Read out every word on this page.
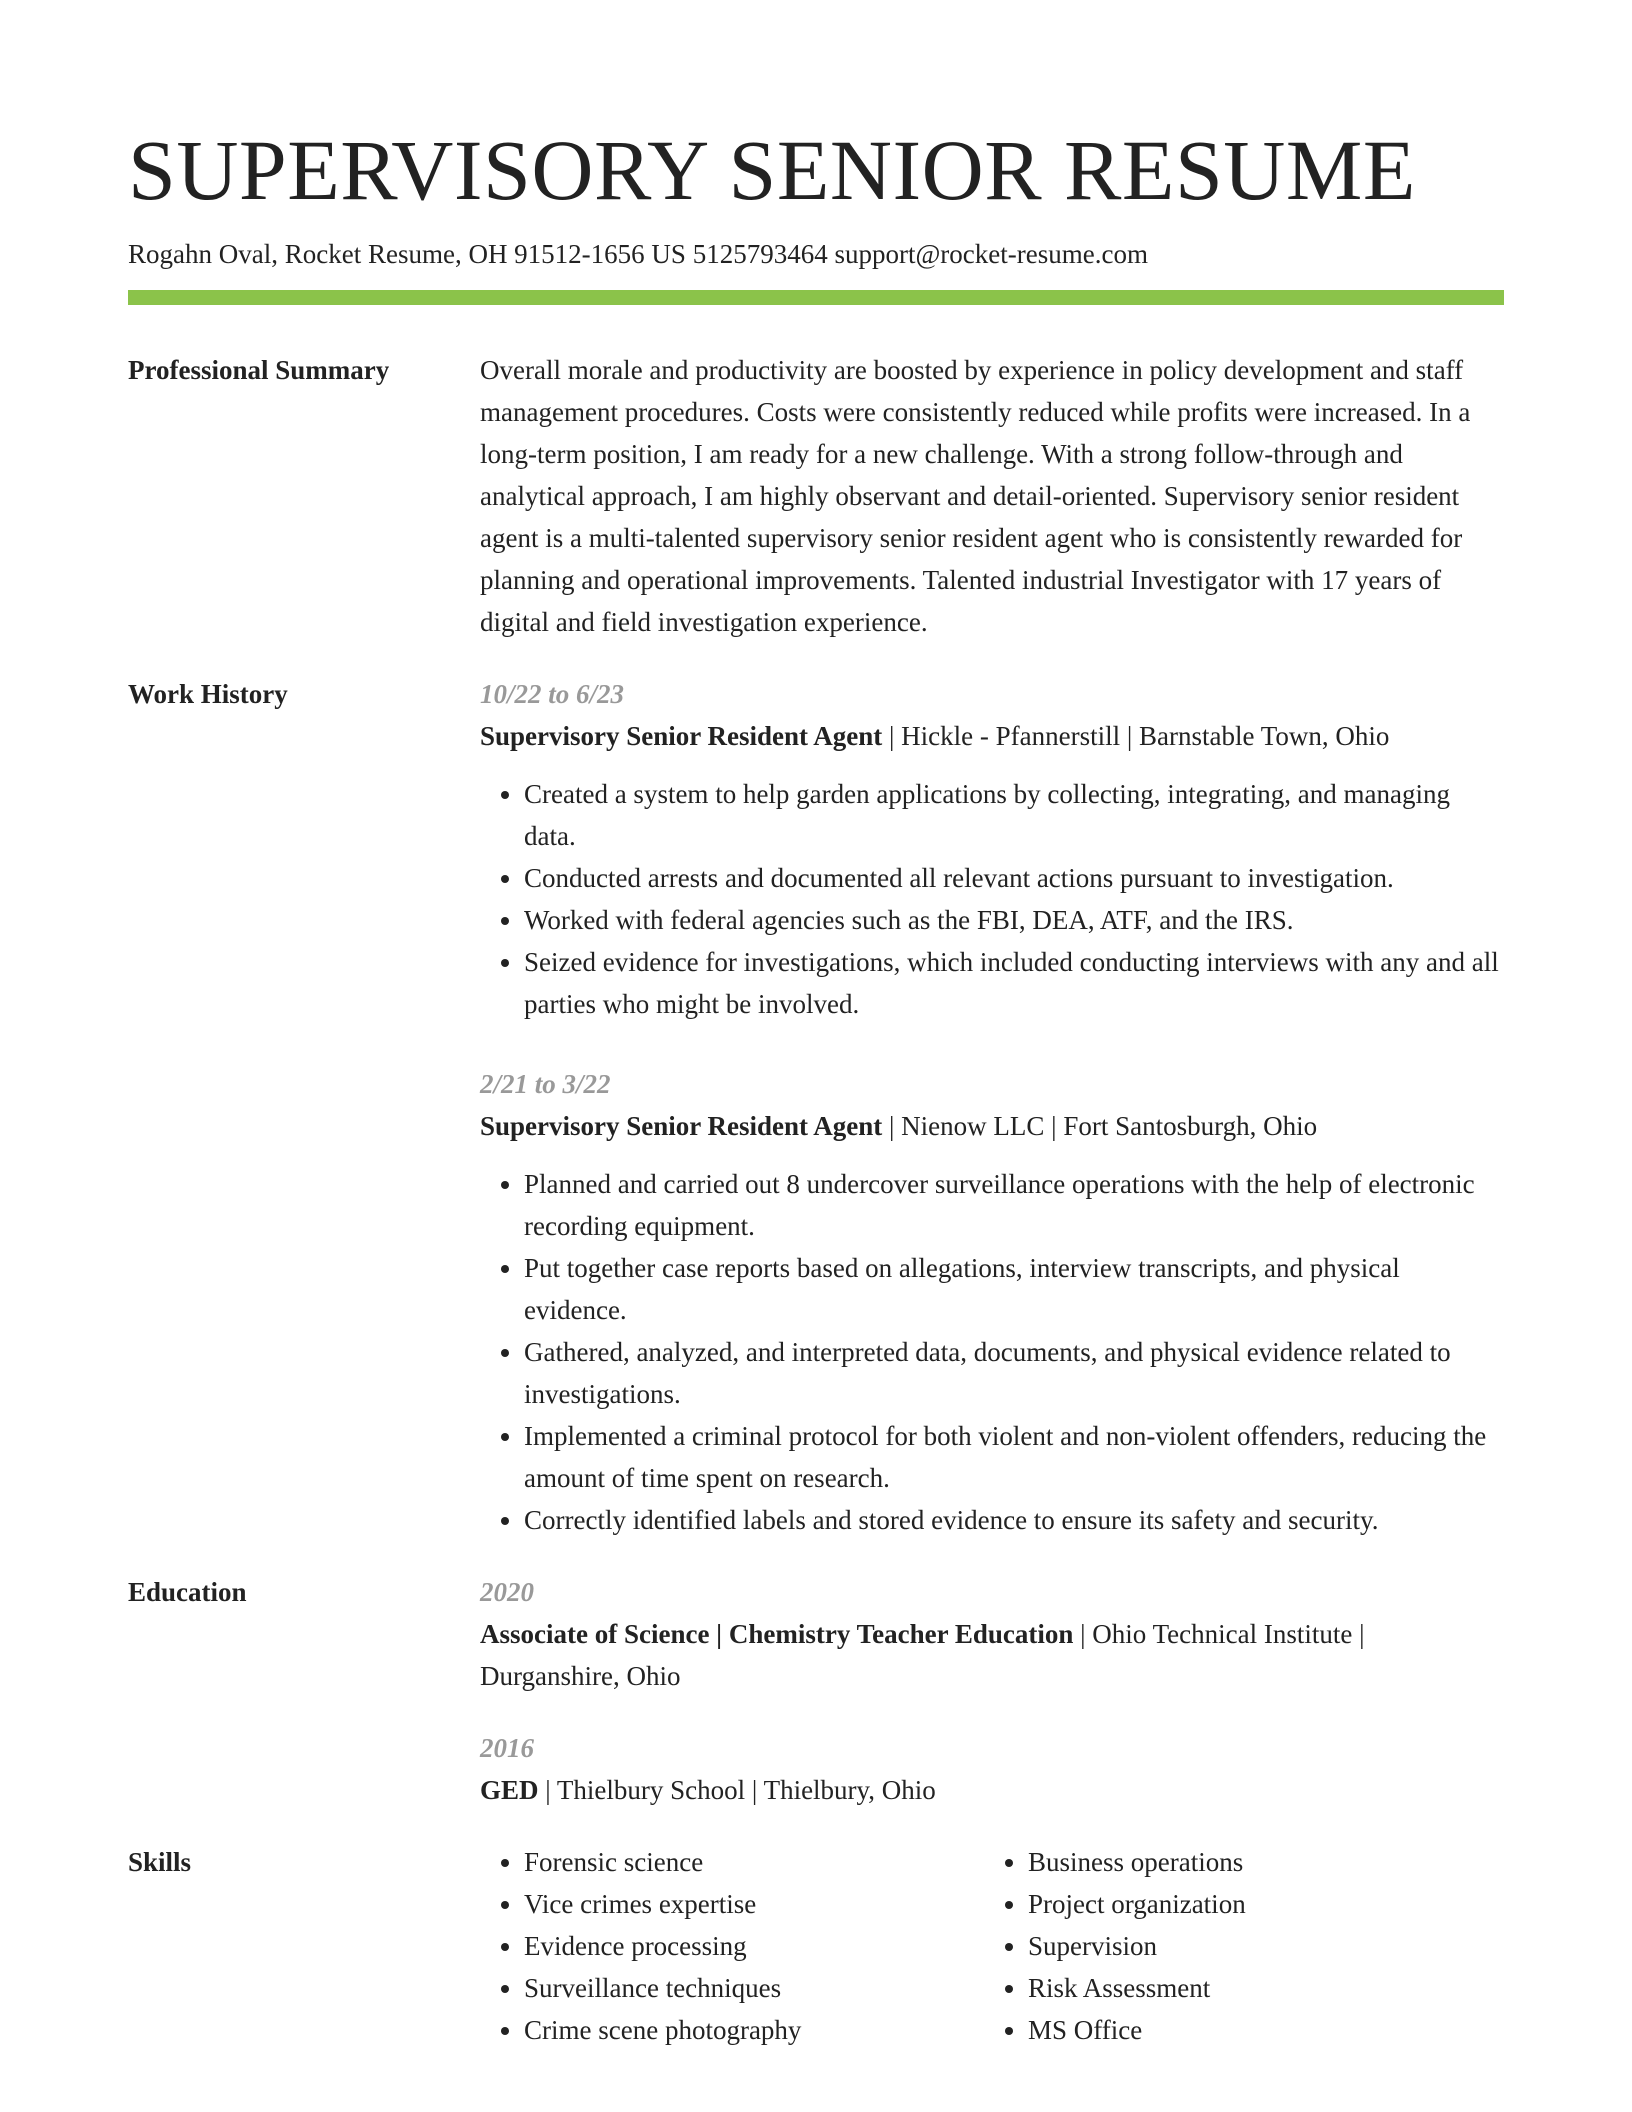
SUPERVISORY SENIOR RESUME
Rogahn Oval, Rocket Resume, OH 91512-1656 US 5125793464 support@rocket-resume.com
Professional Summary	Overall morale and productivity are boosted by experience in policy development and staff management procedures. Costs were consistently reduced while profits were increased. In a long-term position, I am ready for a new challenge. With a strong follow-through and analytical approach, I am highly observant and detail-oriented. Supervisory senior resident agent is a multi-talented supervisory senior resident agent who is consistently rewarded for planning and operational improvements. Talented industrial Investigator with 17 years of digital and field investigation experience.

Work History	10/22 to 6/23
Supervisory Senior Resident Agent | Hickle - Pfannerstill | Barnstable Town, Ohio
• Created a system to help garden applications by collecting, integrating, and managing data.
• Conducted arrests and documented all relevant actions pursuant to investigation.
• Worked with federal agencies such as the FBI, DEA, ATF, and the IRS.
• Seized evidence for investigations, which included conducting interviews with any and all parties who might be involved.
2/21 to 3/22
Supervisory Senior Resident Agent | Nienow LLC | Fort Santosburgh, Ohio
• Planned and carried out 8 undercover surveillance operations with the help of electronic recording equipment.
• Put together case reports based on allegations, interview transcripts, and physical evidence.
• Gathered, analyzed, and interpreted data, documents, and physical evidence related to investigations.
• Implemented a criminal protocol for both violent and non-violent offenders, reducing the amount of time spent on research.
• Correctly identified labels and stored evidence to ensure its safety and security.
Education	2020
Associate of Science | Chemistry Teacher Education | Ohio Technical Institute | Durganshire, Ohio
2016
GED | Thielbury School | Thielbury, Ohio
Skills
•	Forensic science
• Vice crimes expertise
• Evidence processing
• Surveillance techniques
• Crime scene photography
• Business operations
• Project organization
• Supervision
• Risk Assessment
• MS Office
